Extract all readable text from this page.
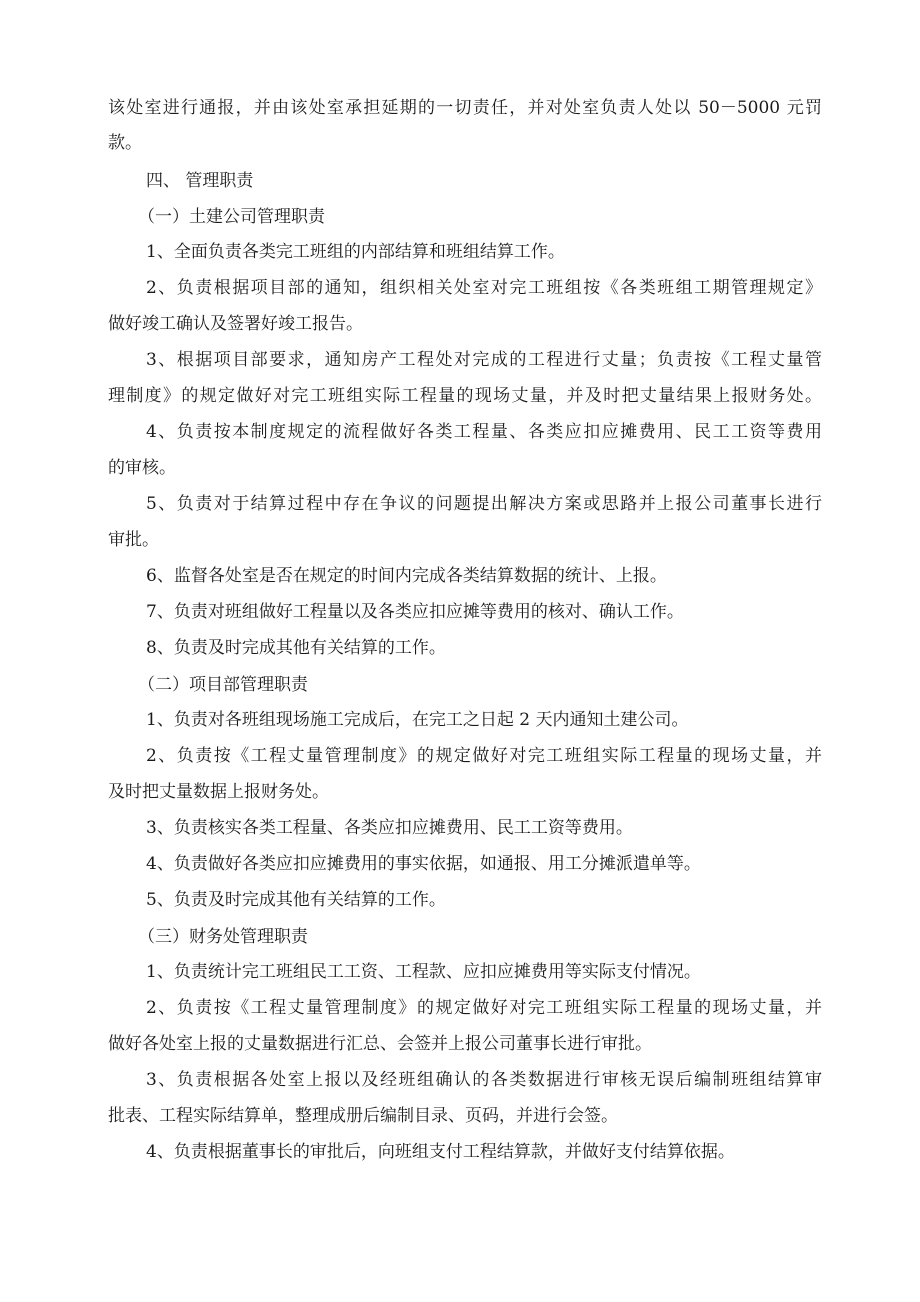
该处室进行通报，并由该处室承担延期的一切责任，并对处室负责人处以 50－5000 元罚
款。
四、 管理职责
（一）土建公司管理职责
1、全面负责各类完工班组的内部结算和班组结算工作。
2、负责根据项目部的通知，组织相关处室对完工班组按《各类班组工期管理规定》
做好竣工确认及签署好竣工报告。
3、根据项目部要求，通知房产工程处对完成的工程进行丈量；负责按《工程丈量管
理制度》的规定做好对完工班组实际工程量的现场丈量，并及时把丈量结果上报财务处。
4、负责按本制度规定的流程做好各类工程量、各类应扣应摊费用、民工工资等费用
的审核。
5、负责对于结算过程中存在争议的问题提出解决方案或思路并上报公司董事长进行
审批。
6、监督各处室是否在规定的时间内完成各类结算数据的统计、上报。
7、负责对班组做好工程量以及各类应扣应摊等费用的核对、确认工作。
8、负责及时完成其他有关结算的工作。
（二）项目部管理职责
1、负责对各班组现场施工完成后，在完工之日起 2 天内通知土建公司。
2、负责按《工程丈量管理制度》的规定做好对完工班组实际工程量的现场丈量，并
及时把丈量数据上报财务处。
3、负责核实各类工程量、各类应扣应摊费用、民工工资等费用。
4、负责做好各类应扣应摊费用的事实依据，如通报、用工分摊派遣单等。
5、负责及时完成其他有关结算的工作。
（三）财务处管理职责
1、负责统计完工班组民工工资、工程款、应扣应摊费用等实际支付情况。
2、负责按《工程丈量管理制度》的规定做好对完工班组实际工程量的现场丈量，并
做好各处室上报的丈量数据进行汇总、会签并上报公司董事长进行审批。
3、负责根据各处室上报以及经班组确认的各类数据进行审核无误后编制班组结算审
批表、工程实际结算单，整理成册后编制目录、页码，并进行会签。
4、负责根据董事长的审批后，向班组支付工程结算款，并做好支付结算依据。
